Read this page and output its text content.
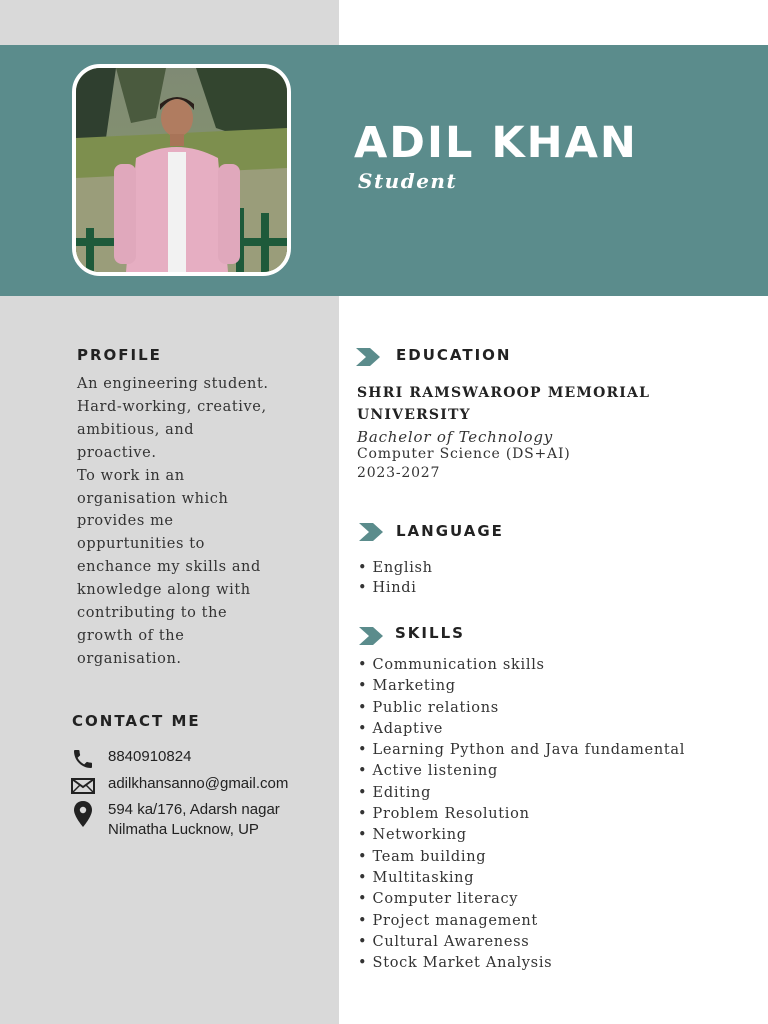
ADIL KHAN
Student
PROFILE

An engineering student.

Hard-working, creative,

ambitious, and

proactive.

To work in an

organisation which

provides me

oppurtunities to

enchance my skills and

knowledge along with

contributing to the

growth of the

organisation.

CONTACT ME
8840910824
adilkhansanno@gmail.com
594 ka/176, Adarsh nagar
Nilmatha Lucknow, UP
EDUCATION
SHRI RAMSWAROOP MEMORIAL
UNIVERSITY
Bachelor of Technology
Computer Science (DS+AI)
2023-2027
LANGUAGE
• English
• Hindi
SKILLS
• Communication skills
• Marketing
• Public relations
• Adaptive
• Learning Python and Java fundamental
• Active listening
• Editing
• Problem Resolution
• Networking
• Team building
• Multitasking
• Computer literacy
• Project management
• Cultural Awareness
• Stock Market Analysis
